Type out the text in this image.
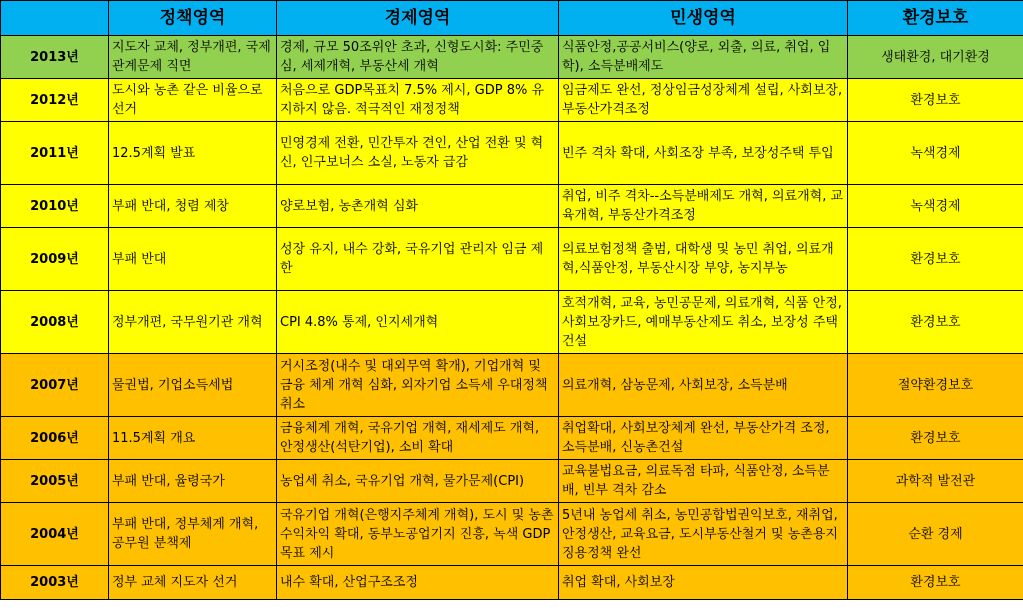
	정책영역	경제영역	민생영역	환경보호
2013년	지도자 교체, 정부개편, 국제관계문제 직면	경제, 규모 50조위안 초과, 신형도시화: 주민중심, 세제개혁, 부동산세 개혁	식품안정,공공서비스(양로, 외출, 의료, 취업, 입학), 소득분배제도	생태환경, 대기환경
2012년	도시와 농촌 같은 비율으로 선거	처음으로 GDP목표치 7.5% 제시, GDP 8% 유지하지 않음. 적극적인 재정정책	임금제도 완선, 정상임금성장체계 설립, 사회보장, 부동산가격조정	환경보호
2011년	12.5계획 발표	민영경제 전환, 민간투자 견인, 산업 전환 및 혁신, 인구보너스 소실, 노동자 급감	빈주 격차 확대, 사회조장 부족, 보장성주택 투입	녹색경제
2010년	부패 반대, 청렴 제창	양로보험, 농촌개혁 심화	취업, 비주 격차--소득분배제도 개혁, 의료개혁, 교육개혁, 부동산가격조정	녹색경제
2009년	부패 반대	성장 유지, 내수 강화, 국유기업 관리자 임금 제한	의료보험정책 출범, 대학생 및 농민 취업, 의료개혁,식품안정, 부동산시장 부양, 농지부농	환경보호
2008년	정부개편, 국무원기관 개혁	CPI 4.8% 통제, 인지세개혁	호적개혁, 교육, 농민공문제, 의료개혁, 식품 안정, 사회보장카드, 예매부동산제도 취소, 보장성 주택 건설	환경보호
2007년	물권법, 기업소득세법	거시조정(내수 및 대외무역 확개), 기업개혁 및 금융 체계 개혁 심화, 외자기업 소득세 우대정책 취소	의료개혁, 삼농문제, 사회보장, 소득분배	절약환경보호
2006년	11.5계획 개요	금융체계 개혁, 국유기업 개혁, 재세제도 개혁, 안정생산(석탄기업), 소비 확대	취업확대, 사회보장체계 완선, 부동산가격 조정, 소득분배, 신농촌건설	환경보호
2005년	부패 반대, 율령국가	농업세 취소, 국유기업 개혁, 물가문제(CPI)	교육불법요금, 의료독점 타파, 식품안정, 소득분배, 빈부 격차 감소	과학적 발전관
2004년	부패 반대, 정부체계 개혁, 공무원 분책제	국유기업 개혁(은행지주체계 개혁), 도시 및 농촌 수익차익 확대, 동부노공업기지 진흥, 녹색 GDP목표 제시	5년내 농업세 취소, 농민공합법권익보호, 재취업, 안정생산, 교육요금, 도시부동산철거 및 농촌용지 징용정책 완선	순환 경제
2003년	정부 교체 지도자 선거	내수 확대, 산업구조조정	취업 확대, 사회보장	환경보호
